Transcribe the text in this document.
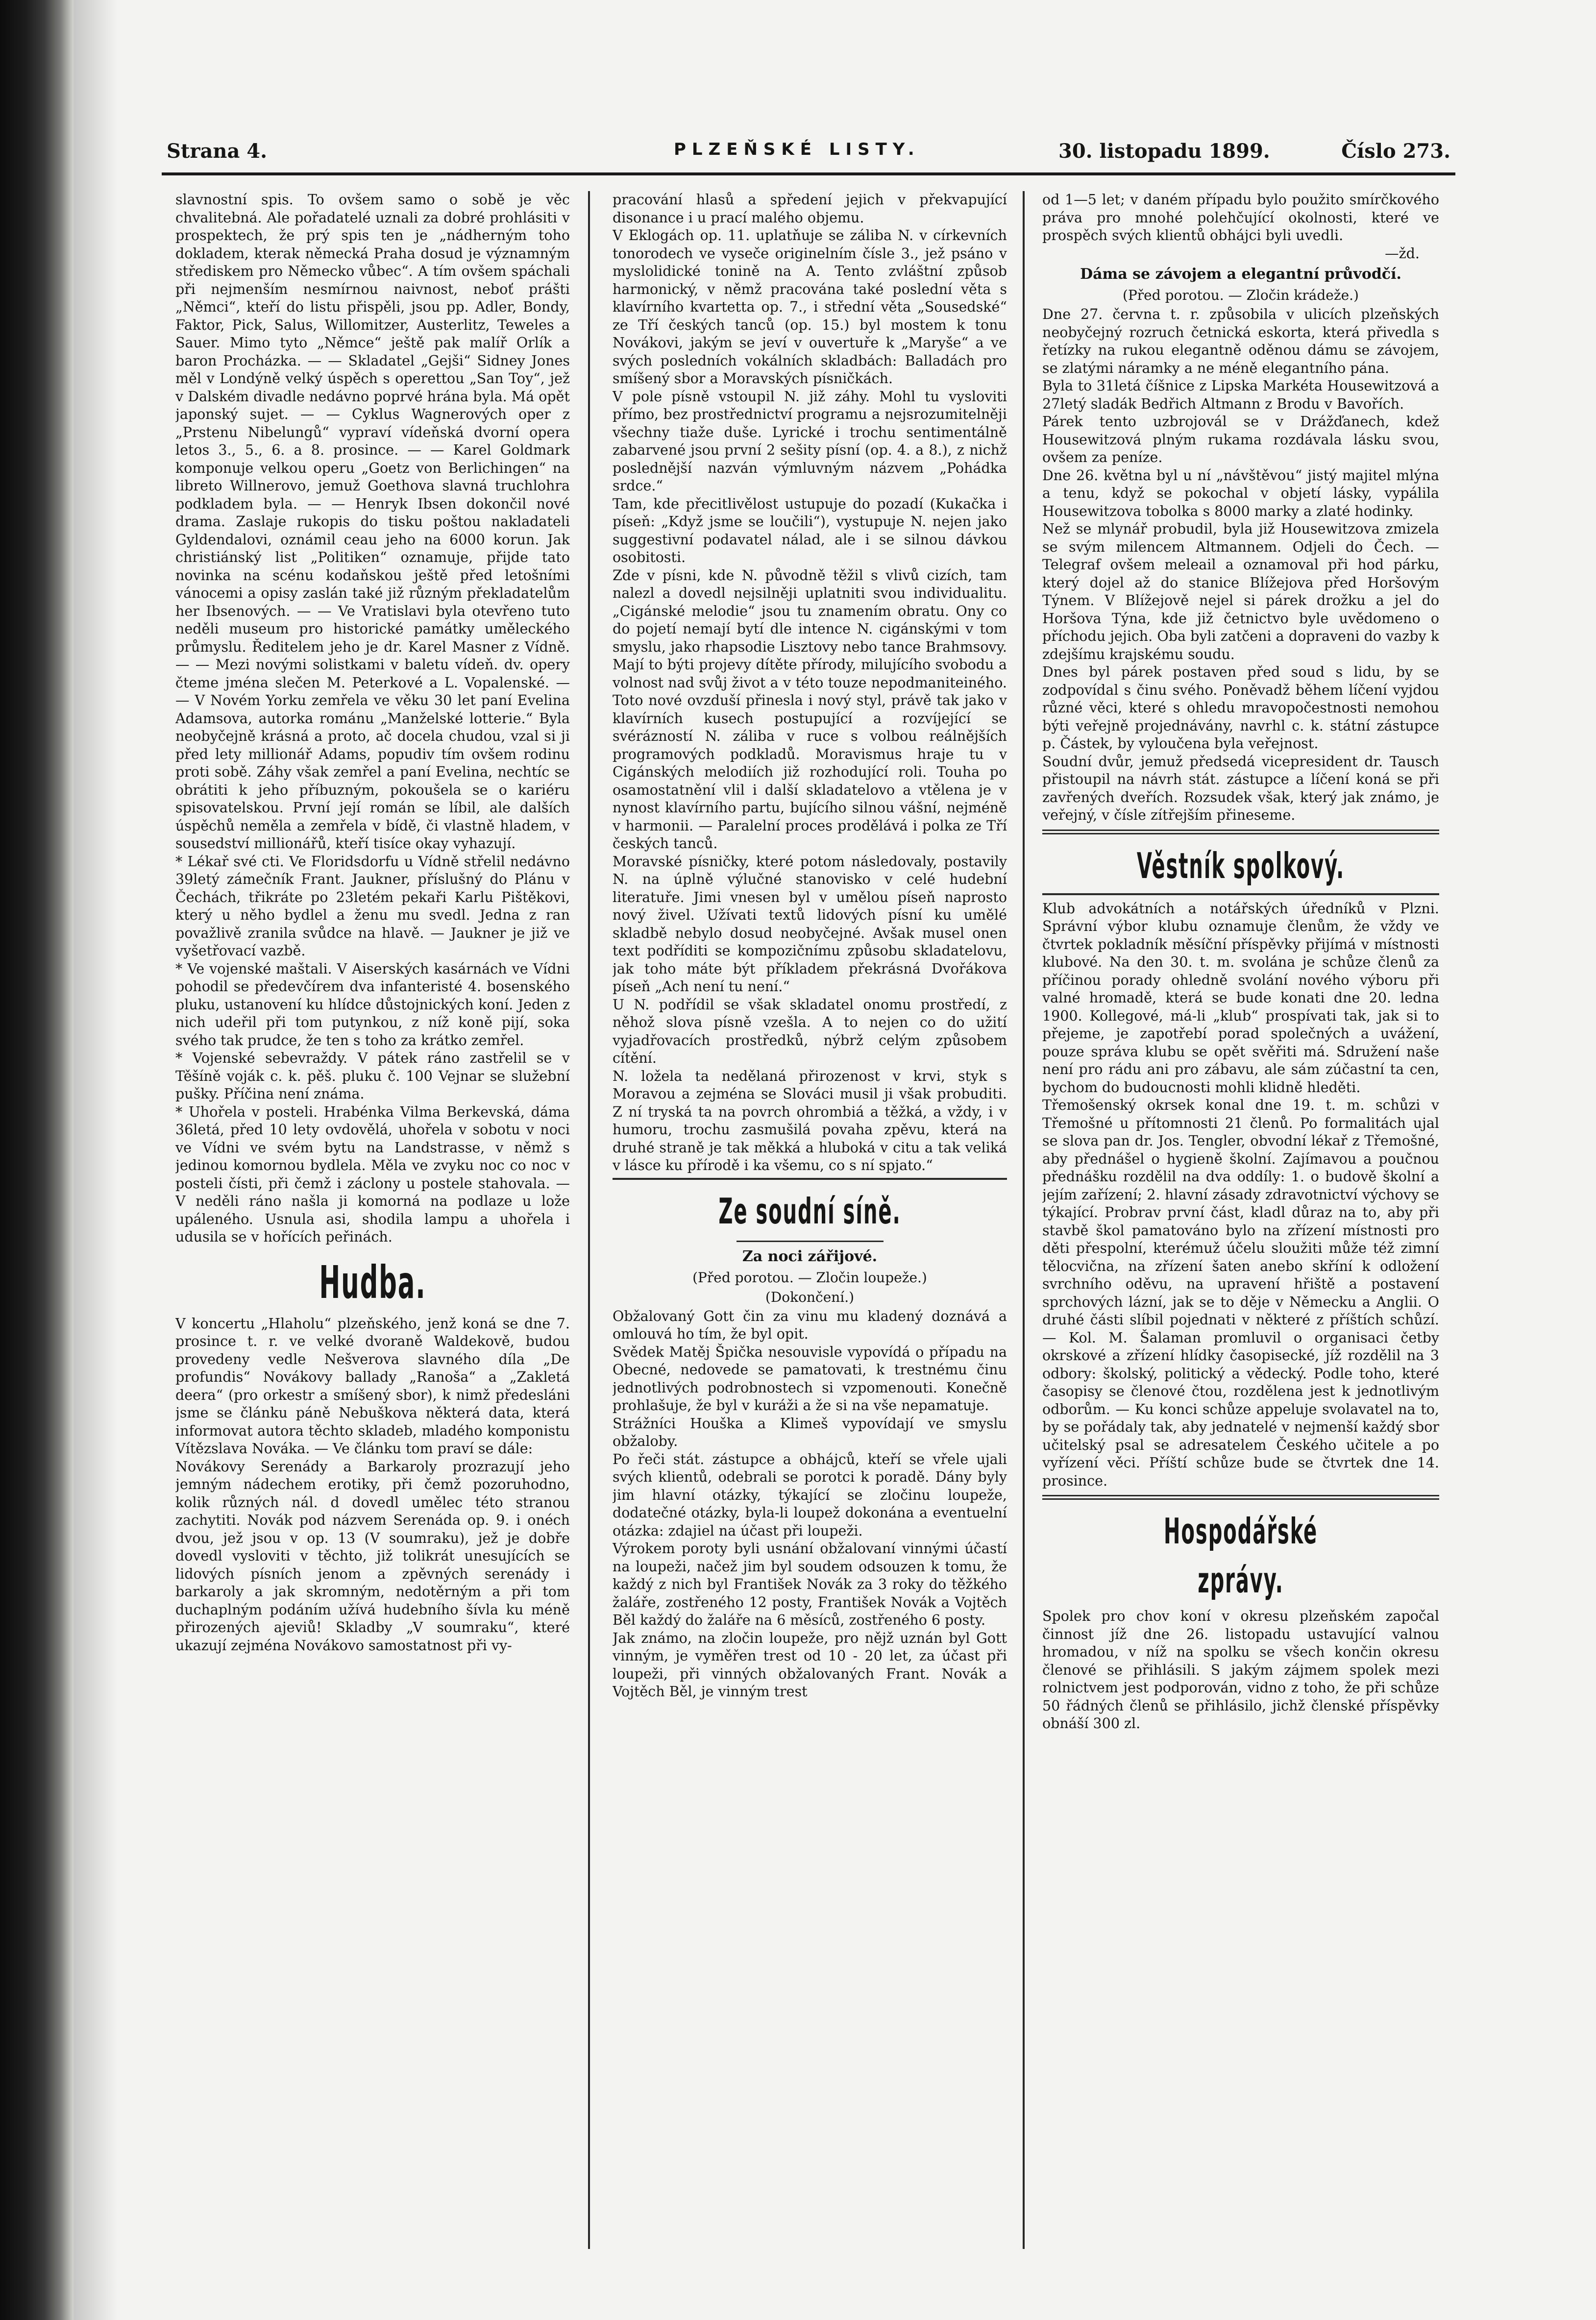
Strana 4.	PLZEŇSKÉ LISTY.	30. listopadu 1899.	Číslo 273.

slavnostní spis. To ovšem samo o sobě je věc chvalitebná. Ale pořadatelé uznali za dobré prohlásiti v prospektech, že prý spis ten je „nádherným toho dokladem, kterak německá Praha dosud je významným střediskem pro Německo vůbec“. A tím ovšem spáchali při nejmenším nesmírnou naivnost, neboť prášti „Němci“, kteří do listu přispěli, jsou pp. Adler, Bondy, Faktor, Pick, Salus, Willomitzer, Austerlitz, Teweles a Sauer. Mimo tyto „Němce“ ještě pak malíř Orlík a baron Procházka. — — Skladatel „Gejši“ Sidney Jones měl v Londýně velký úspěch s operettou „San Toy“, jež v Dalském divadle nedávno poprvé hrána byla. Má opět japonský sujet. — — Cyklus Wagnerových oper z „Prstenu Nibelungů“ vypraví vídeňská dvorní opera letos 3., 5., 6. a 8. prosince. — — Karel Goldmark komponuje velkou operu „Goetz von Berlichingen“ na libreto Willnerovo, jemuž Goethova slavná truchlohra podkladem byla. — — Henryk Ibsen dokončil nové drama. Zaslaje rukopis do tisku poštou nakladateli Gyldendalovi, oznámil ceau jeho na 6000 korun. Jak christiánský list „Politiken“ oznamuje, přijde tato novinka na scénu kodaňskou ještě před letošními vánocemi a opisy zaslán také již různým překladatelům her Ibsenových. — — Ve Vratislavi byla otevřeno tuto neděli museum pro historické památky uměleckého průmyslu. Ředitelem jeho je dr. Karel Masner z Vídně. — — Mezi novými solistkami v baletu vídeň. dv. opery čteme jména slečen M. Peterkové a L. Vopalenské. — — V Novém Yorku zemřela ve věku 30 let paní Evelina Adamsova, autorka románu „Manželské lotterie.“ Byla neobyčejně krásná a proto, ač docela chudou, vzal si ji před lety millionář Adams, popudiv tím ovšem rodinu proti sobě. Záhy však zemřel a paní Evelina, nechtíc se obrátiti k jeho příbuzným, pokoušela se o kariéru spisovatelskou. První její román se líbil, ale dalších úspěchů neměla a zemřela v bídě, či vlastně hladem, v sousedství millionářů, kteří tisíce okay vyhazují.

* Lékař své cti. Ve Floridsdorfu u Vídně střelil nedávno 39letý zámečník Frant. Jaukner, příslušný do Plánu v Čechách, třikráte po 23letém pekaři Karlu Pištěkovi, který u něho bydlel a ženu mu svedl. Jedna z ran považlivě zranila svůdce na hlavě. — Jaukner je již ve vyšetřovací vazbě.

* Ve vojenské maštali. V Aiserských kasárnách ve Vídni pohodil se předevčírem dva infanteristé 4. bosenského pluku, ustanovení ku hlídce důstojnických koní. Jeden z nich udeřil při tom putynkou, z níž koně pijí, soka svého tak prudce, že ten s toho za krátko zemřel.

* Vojenské sebevraždy. V pátek ráno zastřelil se v Těšíně voják c. k. pěš. pluku č. 100 Vejnar se služební pušky. Příčina není známa.

* Uhořela v posteli. Hrabénka Vilma Berkevská, dáma 36letá, před 10 lety ovdovělá, uhořela v sobotu v noci ve Vídni ve svém bytu na Landstrasse, v němž s jedinou komornou bydlela. Měla ve zvyku noc co noc v posteli čísti, při čemž i záclony u postele stahovala. — V neděli ráno našla ji komorná na podlaze u lože upáleného. Usnula asi, shodila lampu a uhořela i udusila se v hořících peřinách.

Hudba.

V koncertu „Hlaholu“ plzeňského, jenž koná se dne 7. prosince t. r. ve velké dvoraně Waldekově, budou provedeny vedle Nešverova slavného díla „De profundis“ Novákovy ballady „Ranoša“ a „Zakletá deera“ (pro orkestr a smíšený sbor), k nimž předesláni jsme se článku páně Nebuškova některá data, která informovat autora těchto skladeb, mladého komponistu Vítězslava Nováka. — Ve článku tom praví se dále:

Novákovy Serenády a Barkaroly prozrazují jeho jemným nádechem erotiky, při čemž pozoruhodno, kolik různých nál. d dovedl umělec této stranou zachytiti. Novák pod názvem Serenáda op. 9. i onéch dvou, jež jsou v op. 13 (V soumraku), jež je dobře dovedl vysloviti v těchto, již tolikrát unesujících se lidových písních jenom a zpěvných serenády i barkaroly a jak skromným, nedotěrným a při tom duchaplným podáním užívá hudebního šívla ku méně přirozených ajeviů! Skladby „V soumraku“, které ukazují zejména Novákovo samostatnost při vy-

pracování hlasů a spředení jejich v překvapující disonance i u prací malého objemu.

V Eklogách op. 11. uplatňuje se záliba N. v církevních tonorodech ve vyseče originelním čísle 3., jež psáno v myslolidické tonině na A. Tento zvláštní způsob harmonický, v němž pracována také poslední věta s klavírního kvartetta op. 7., i střední věta „Sousedské“ ze Tří českých tanců (op. 15.) byl mostem k tonu Novákovi, jakým se jeví v ouvertuře k „Maryše“ a ve svých posledních vokálních skladbách: Balladách pro smíšený sbor a Moravských písničkách.

V pole písně vstoupil N. již záhy. Mohl tu vysloviti přímo, bez prostřednictví programu a nejsrozumitelněji všechny tiaže duše. Lyrické i trochu sentimentálně zabarvené jsou první 2 sešity písní (op. 4. a 8.), z nichž poslednější nazván výmluvným názvem „Pohádka srdce.“

Tam, kde přecitlivělost ustupuje do pozadí (Kukačka i píseň: „Když jsme se loučili“), vystupuje N. nejen jako suggestivní podavatel nálad, ale i se silnou dávkou osobitosti.

Zde v písni, kde N. původně těžil s vlivů cizích, tam nalezl a dovedl nejsilněji uplatniti svou individualitu. „Cigánské melodie“ jsou tu znamením obratu. Ony co do pojetí nemají bytí dle intence N. cigánskými v tom smyslu, jako rhapsodie Lisztovy nebo tance Brahmsovy. Mají to býti projevy dítěte přírody, milujícího svobodu a volnost nad svůj život a v této touze nepodmaniteiného. Toto nové ovzduší přinesla i nový styl, právě tak jako v klavírních kusech postupující a rozvíjející se svérázností N. záliba v ruce s volbou reálnějších programových podkladů. Moravismus hraje tu v Cigánských melodiích již rozhodující roli. Touha po osamostatnění vlil i další skladatelovo a vtělena je v nynost klavírního partu, bujícího silnou vášní, nejméně v harmonii. — Paralelní proces prodělává i polka ze Tří českých tanců.

Moravské písničky, které potom následovaly, postavily N. na úplně výlučné stanovisko v celé hudební literatuře. Jimi vnesen byl v umělou píseň naprosto nový živel. Užívati textů lidových písní ku umělé skladbě nebylo dosud neobyčejné. Avšak musel onen text podříditi se kompozičnímu způsobu skladatelovu, jak toho máte být příkladem překrásná Dvořákova píseň „Ach není tu není.“

U N. podřídil se však skladatel onomu prostředí, z něhož slova písně vzešla. A to nejen co do užití vyjadřovacích prostředků, nýbrž celým způsobem cítění.

N. ložela ta nedělaná přirozenost v krvi, styk s Moravou a zejména se Slováci musil ji však probuditi. Z ní tryská ta na povrch ohrombiá a těžká, a vždy, i v humoru, trochu zasmušilá povaha zpěvu, která na druhé straně je tak měkká a hluboká v citu a tak veliká v lásce ku přírodě i ka všemu, co s ní spjato.“

Ze soudní síně.
Za noci zářijové.
(Před porotou. — Zločin loupeže.)
(Dokončení.)

Obžalovaný Gott čin za vinu mu kladený doznává a omlouvá ho tím, že byl opit.

Svědek Matěj Špička nesouvisle vypovídá o případu na Obecné, nedovede se pamatovati, k trestnému činu jednotlivých podrobnostech si vzpomenouti. Konečně prohlašuje, že byl v kuráži a že si na vše nepamatuje.

Strážníci Houška a Klimeš vypovídají ve smyslu obžaloby.

Po řeči stát. zástupce a obhájců, kteří se vřele ujali svých klientů, odebrali se porotci k poradě. Dány byly jim hlavní otázky, týkající se zločinu loupeže, dodatečné otázky, byla-li loupež dokonána a eventuelní otázka: zdajiel na účast při loupeži.

Výrokem poroty byli usnání obžalovaní vinnými účastí na loupeži, načež jim byl soudem odsouzen k tomu, že každý z nich byl František Novák za 3 roky do těžkého žaláře, zostřeného 12 posty, František Novák a Vojtěch Běl každý do žaláře na 6 měsíců, zostřeného 6 posty.

Jak známo, na zločin loupeže, pro nějž uznán byl Gott vinným, je vyměřen trest od 10 - 20 let, za účast při loupeži, při vinných obžalovaných Frant. Novák a Vojtěch Běl, je vinným trest

od 1—5 let; v daném případu bylo použito smírčkového práva pro mnohé polehčující okolnosti, které ve prospěch svých klientů obhájci byli uvedli.

—žd.

Dáma se závojem a elegantní průvodčí.
(Před porotou. — Zločin krádeže.)

Dne 27. června t. r. způsobila v ulicích plzeňských neobyčejný rozruch četnická eskorta, která přivedla s řetízky na rukou elegantně oděnou dámu se závojem, se zlatými náramky a ne méně elegantního pána.

Byla to 31letá číšnice z Lipska Markéta Housewitzová a 27letý sladák Bedřich Altmann z Brodu v Bavořích.

Párek tento uzbrojovál se v Drážďanech, kdež Housewitzová plným rukama rozdávala lásku svou, ovšem za peníze.

Dne 26. května byl u ní „návštěvou“ jistý majitel mlýna a tenu, když se pokochal v objetí lásky, vypálila Housewitzova tobolka s 8000 marky a zlaté hodinky.

Než se mlynář probudil, byla již Housewitzova zmizela se svým milencem Altmannem. Odjeli do Čech. — Telegraf ovšem meleail a oznamoval při hod párku, který dojel až do stanice Blížejova před Horšovým Týnem. V Blížejově nejel si párek drožku a jel do Horšova Týna, kde již četnictvo byle uvědomeno o příchodu jejich. Oba byli zatčeni a dopraveni do vazby k zdejšímu krajskému soudu.

Dnes byl párek postaven před soud s lidu, by se zodpovídal s činu svého. Poněvadž během líčení vyjdou různé věci, které s ohledu mravopočestnosti nemohou býti veřejně projednávány, navrhl c. k. státní zástupce p. Částek, by vyloučena byla veřejnost.

Soudní dvůr, jemuž předsedá vicepresident dr. Tausch přistoupil na návrh stát. zástupce a líčení koná se při zavřených dveřích. Rozsudek však, který jak známo, je veřejný, v čísle zítřejším přineseme.

Věstník spolkový.

Klub advokátních a notářských úředníků v Plzni. Správní výbor klubu oznamuje členům, že vždy ve čtvrtek pokladník měsíční příspěvky přijímá v místnosti klubové. Na den 30. t. m. svolána je schůze členů za příčinou porady ohledně svolání nového výboru při valné hromadě, která se bude konati dne 20. ledna 1900. Kollegové, má-li „klub“ prospívati tak, jak si to přejeme, je zapotřebí porad společných a uvážení, pouze správa klubu se opět svěřiti má. Sdružení naše není pro rádu ani pro zábavu, ale sám zúčastní ta cen, bychom do budoucnosti mohli klidně hleděti.

Třemošenský okrsek konal dne 19. t. m. schůzi v Třemošné u přítomnosti 21 členů. Po formalitách ujal se slova pan dr. Jos. Tengler, obvodní lékař z Třemošné, aby přednášel o hygieně školní. Zajímavou a poučnou přednášku rozdělil na dva oddíly: 1. o budově školní a jejím zařízení; 2. hlavní zásady zdravotnictví výchovy se týkající. Probrav první část, kladl důraz na to, aby při stavbě škol pamatováno bylo na zřízení místnosti pro děti přespolní, kterémuž účelu sloužiti může též zimní tělocvična, na zřízení šaten anebo skříní k odložení svrchního oděvu, na upravení hřiště a postavení sprchových lázní, jak se to děje v Německu a Anglii. O druhé části slíbil pojednati v některé z příštích schůzí. — Kol. M. Šalaman promluvil o organisaci četby okrskové a zřízení hlídky časopisecké, jíž rozdělil na 3 odbory: školský, politický a vědecký. Podle toho, které časopisy se členové čtou, rozdělena jest k jednotlivým odborům. — Ku konci schůze appeluje svolavatel na to, by se pořádaly tak, aby jednatelé v nejmenší každý sbor učitelský psal se adresatelem Českého učitele a po vyřízení věci. Příští schůze bude se čtvrtek dne 14. prosince.

Hospodářské zprávy.

Spolek pro chov koní v okresu plzeňském započal činnost jíž dne 26. listopadu ustavující valnou hromadou, v níž na spolku se všech končin okresu členové se přihlásili. S jakým zájmem spolek mezi rolnictvem jest podporován, vidno z toho, že při schůze 50 řádných členů se přihlásilo, jichž členské příspěvky obnáší 300 zl.
